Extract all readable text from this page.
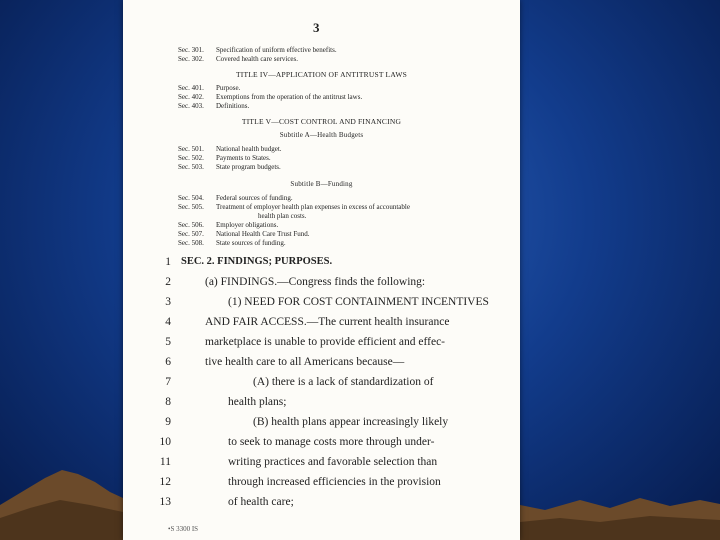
3
Sec. 301. Specification of uniform effective benefits.
Sec. 302. Covered health care services.
TITLE IV—APPLICATION OF ANTITRUST LAWS
Sec. 401. Purpose.
Sec. 402. Exemptions from the operation of the antitrust laws.
Sec. 403. Definitions.
TITLE V—COST CONTROL AND FINANCING
Subtitle A—Health Budgets
Sec. 501. National health budget.
Sec. 502. Payments to States.
Sec. 503. State program budgets.
Subtitle B—Funding
Sec. 504. Federal sources of funding.
Sec. 505. Treatment of employer health plan expenses in excess of accountable
health plan costs.
Sec. 506. Employer obligations.
Sec. 507. National Health Care Trust Fund.
Sec. 508. State sources of funding.
1 SEC. 2. FINDINGS; PURPOSES.
2	(a) FINDINGS.—Congress finds the following:
3	(1) NEED FOR COST CONTAINMENT INCENTIVES
4	AND FAIR ACCESS.—The current health insurance
5	marketplace is unable to provide efficient and effec-
6	tive health care to all Americans because—
7	(A) there is a lack of standardization of
8	health plans;
9	(B) health plans appear increasingly likely
10	to seek to manage costs more through under-
11	writing practices and favorable selection than
12	through increased efficiencies in the provision
13	of health care;
•S 3300 IS
